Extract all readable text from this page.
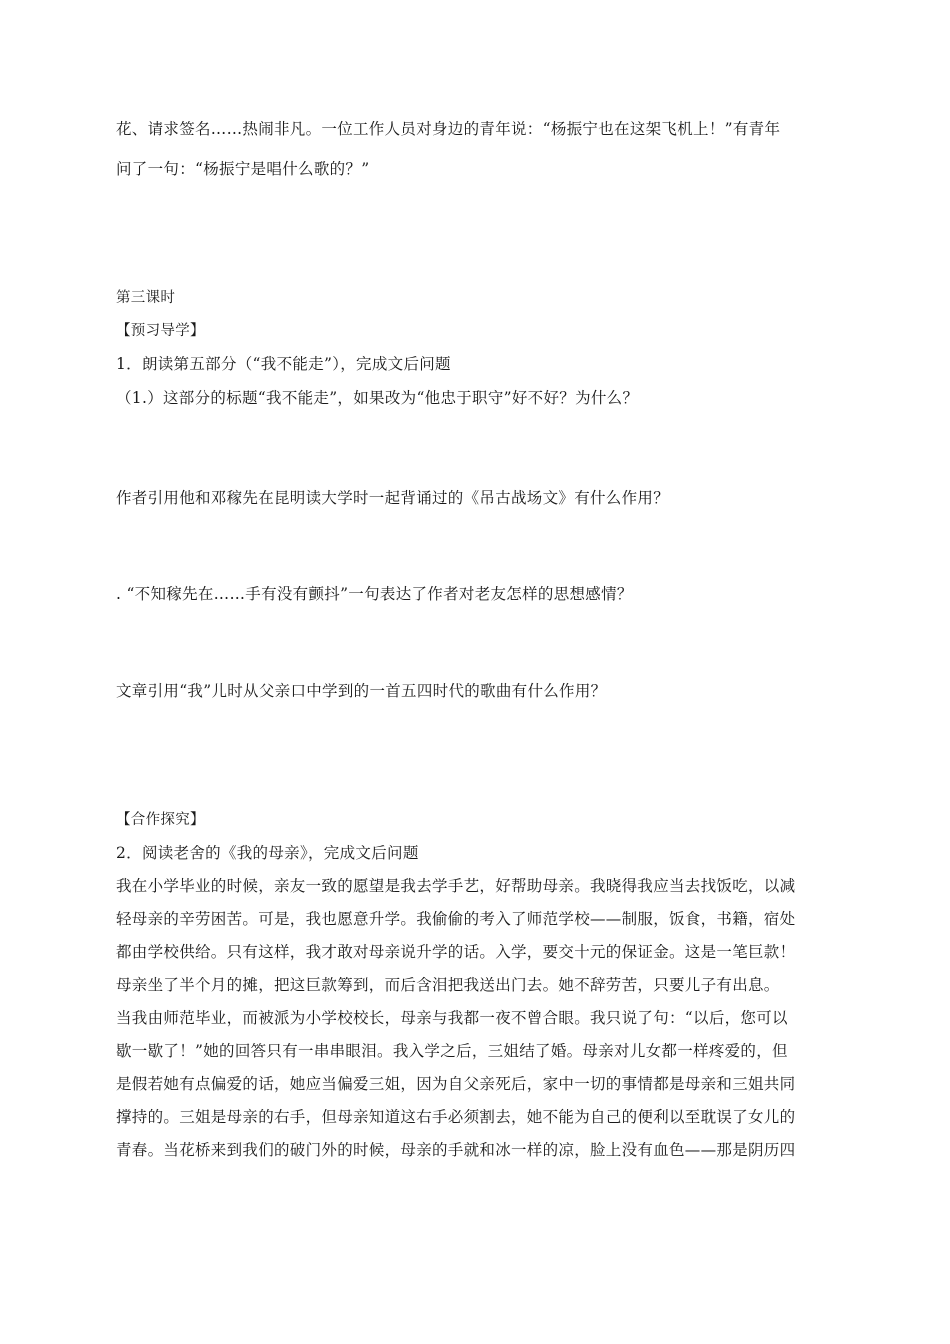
花、请求签名……热闹非凡。一位工作人员对身边的青年说：“杨振宁也在这架飞机上！”有青年
问了一句：“杨振宁是唱什么歌的？”
第三课时
【预习导学】
1．朗读第五部分（“我不能走”），完成文后问题
（1.）这部分的标题“我不能走”，如果改为“他忠于职守”好不好？为什么？
作者引用他和邓稼先在昆明读大学时一起背诵过的《吊古战场文》有什么作用？
. “不知稼先在……手有没有颤抖”一句表达了作者对老友怎样的思想感情？
文章引用“我”儿时从父亲口中学到的一首五四时代的歌曲有什么作用？
【合作探究】
2．阅读老舍的《我的母亲》，完成文后问题
我在小学毕业的时候，亲友一致的愿望是我去学手艺，好帮助母亲。我晓得我应当去找饭吃，以减
轻母亲的辛劳困苦。可是，我也愿意升学。我偷偷的考入了师范学校——制服，饭食，书籍，宿处
都由学校供给。只有这样，我才敢对母亲说升学的话。入学，要交十元的保证金。这是一笔巨款！
母亲坐了半个月的摊，把这巨款筹到，而后含泪把我送出门去。她不辞劳苦，只要儿子有出息。
当我由师范毕业，而被派为小学校校长，母亲与我都一夜不曾合眼。我只说了句：“以后，您可以
歇一歇了！”她的回答只有一串串眼泪。我入学之后，三姐结了婚。母亲对儿女都一样疼爱的，但
是假若她有点偏爱的话，她应当偏爱三姐，因为自父亲死后，家中一切的事情都是母亲和三姐共同
撑持的。三姐是母亲的右手，但母亲知道这右手必须割去，她不能为自己的便利以至耽误了女儿的
青春。当花桥来到我们的破门外的时候，母亲的手就和冰一样的凉，脸上没有血色——那是阴历四
